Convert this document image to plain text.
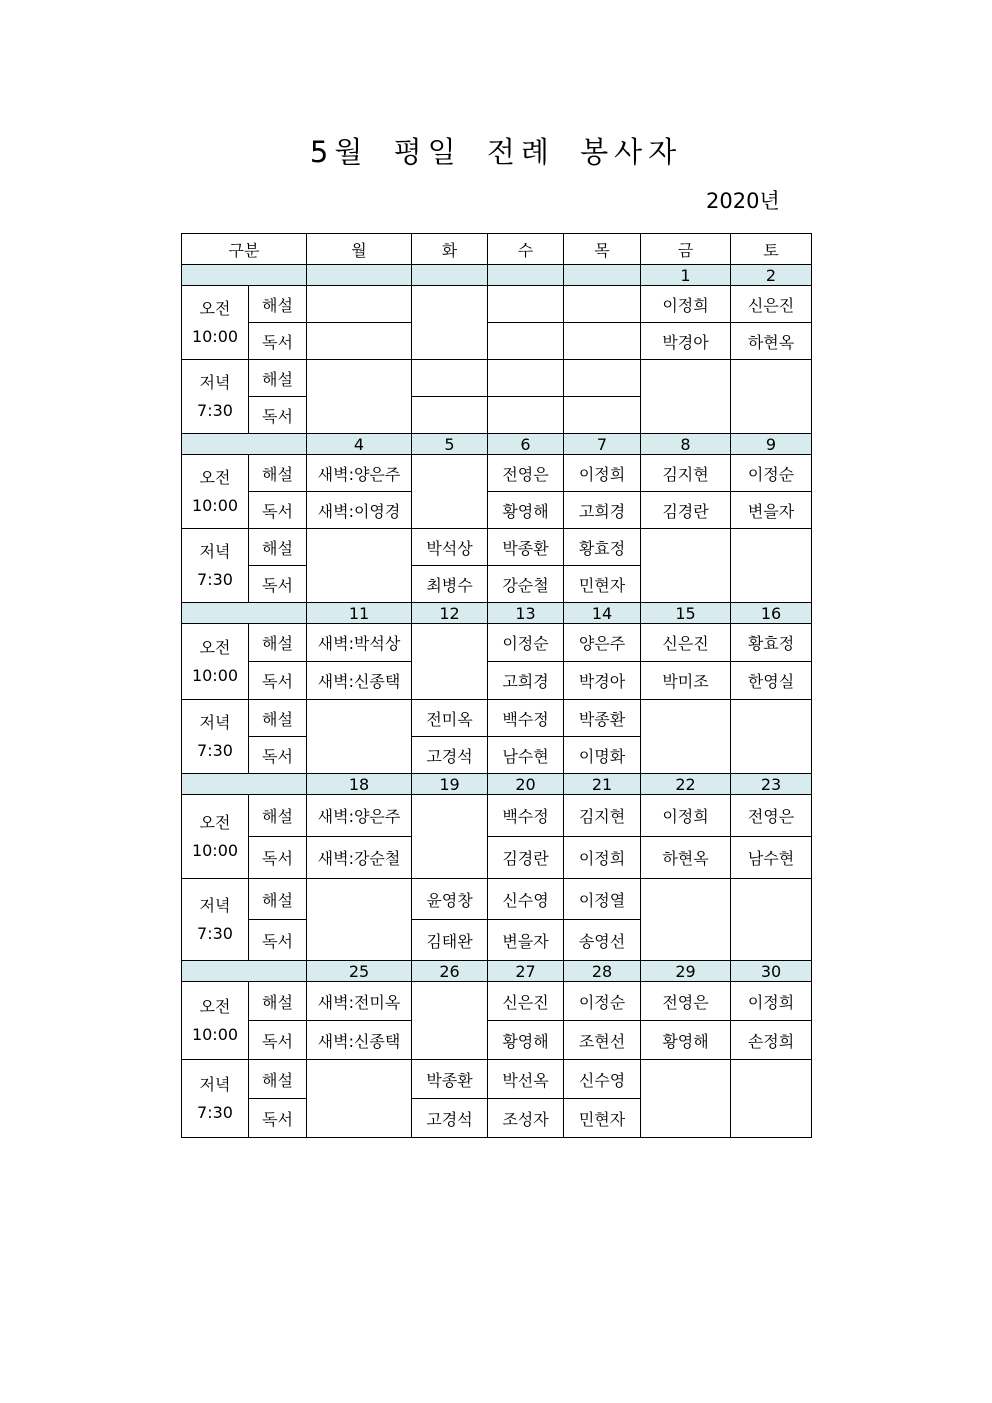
5월 평일 전례 봉사자
2020년
구분		월	화	수	목	금	토
						1	2

오전
10:00	해설					이정희	신은진
	독서					박경아	하현옥

저녁
7:30	해설						
	독서						
		4	5	6	7	8	9

오전
10:00	해설	새벽:양은주		전영은	이정희	김지현	이정순
	독서	새벽:이영경		황영해	고희경	김경란	변을자

저녁
7:30	해설		박석상	박종환	황효정		
	독서		최병수	강순철	민현자		
		11	12	13	14	15	16

오전
10:00	해설	새벽:박석상		이정순	양은주	신은진	황효정
	독서	새벽:신종택		고희경	박경아	박미조	한영실

저녁
7:30	해설		전미옥	백수정	박종환		
	독서		고경석	남수현	이명화		
		18	19	20	21	22	23

오전
10:00	해설	새벽:양은주		백수정	김지현	이정희	전영은
	독서	새벽:강순철		김경란	이정희	하현옥	남수현

저녁
7:30	해설		윤영창	신수영	이정열		
	독서		김태완	변을자	송영선		
		25	26	27	28	29	30

오전
10:00	해설	새벽:전미옥		신은진	이정순	전영은	이정희
	독서	새벽:신종택		황영해	조현선	황영해	손정희

저녁
7:30	해설		박종환	박선옥	신수영		
	독서		고경석	조성자	민현자		
